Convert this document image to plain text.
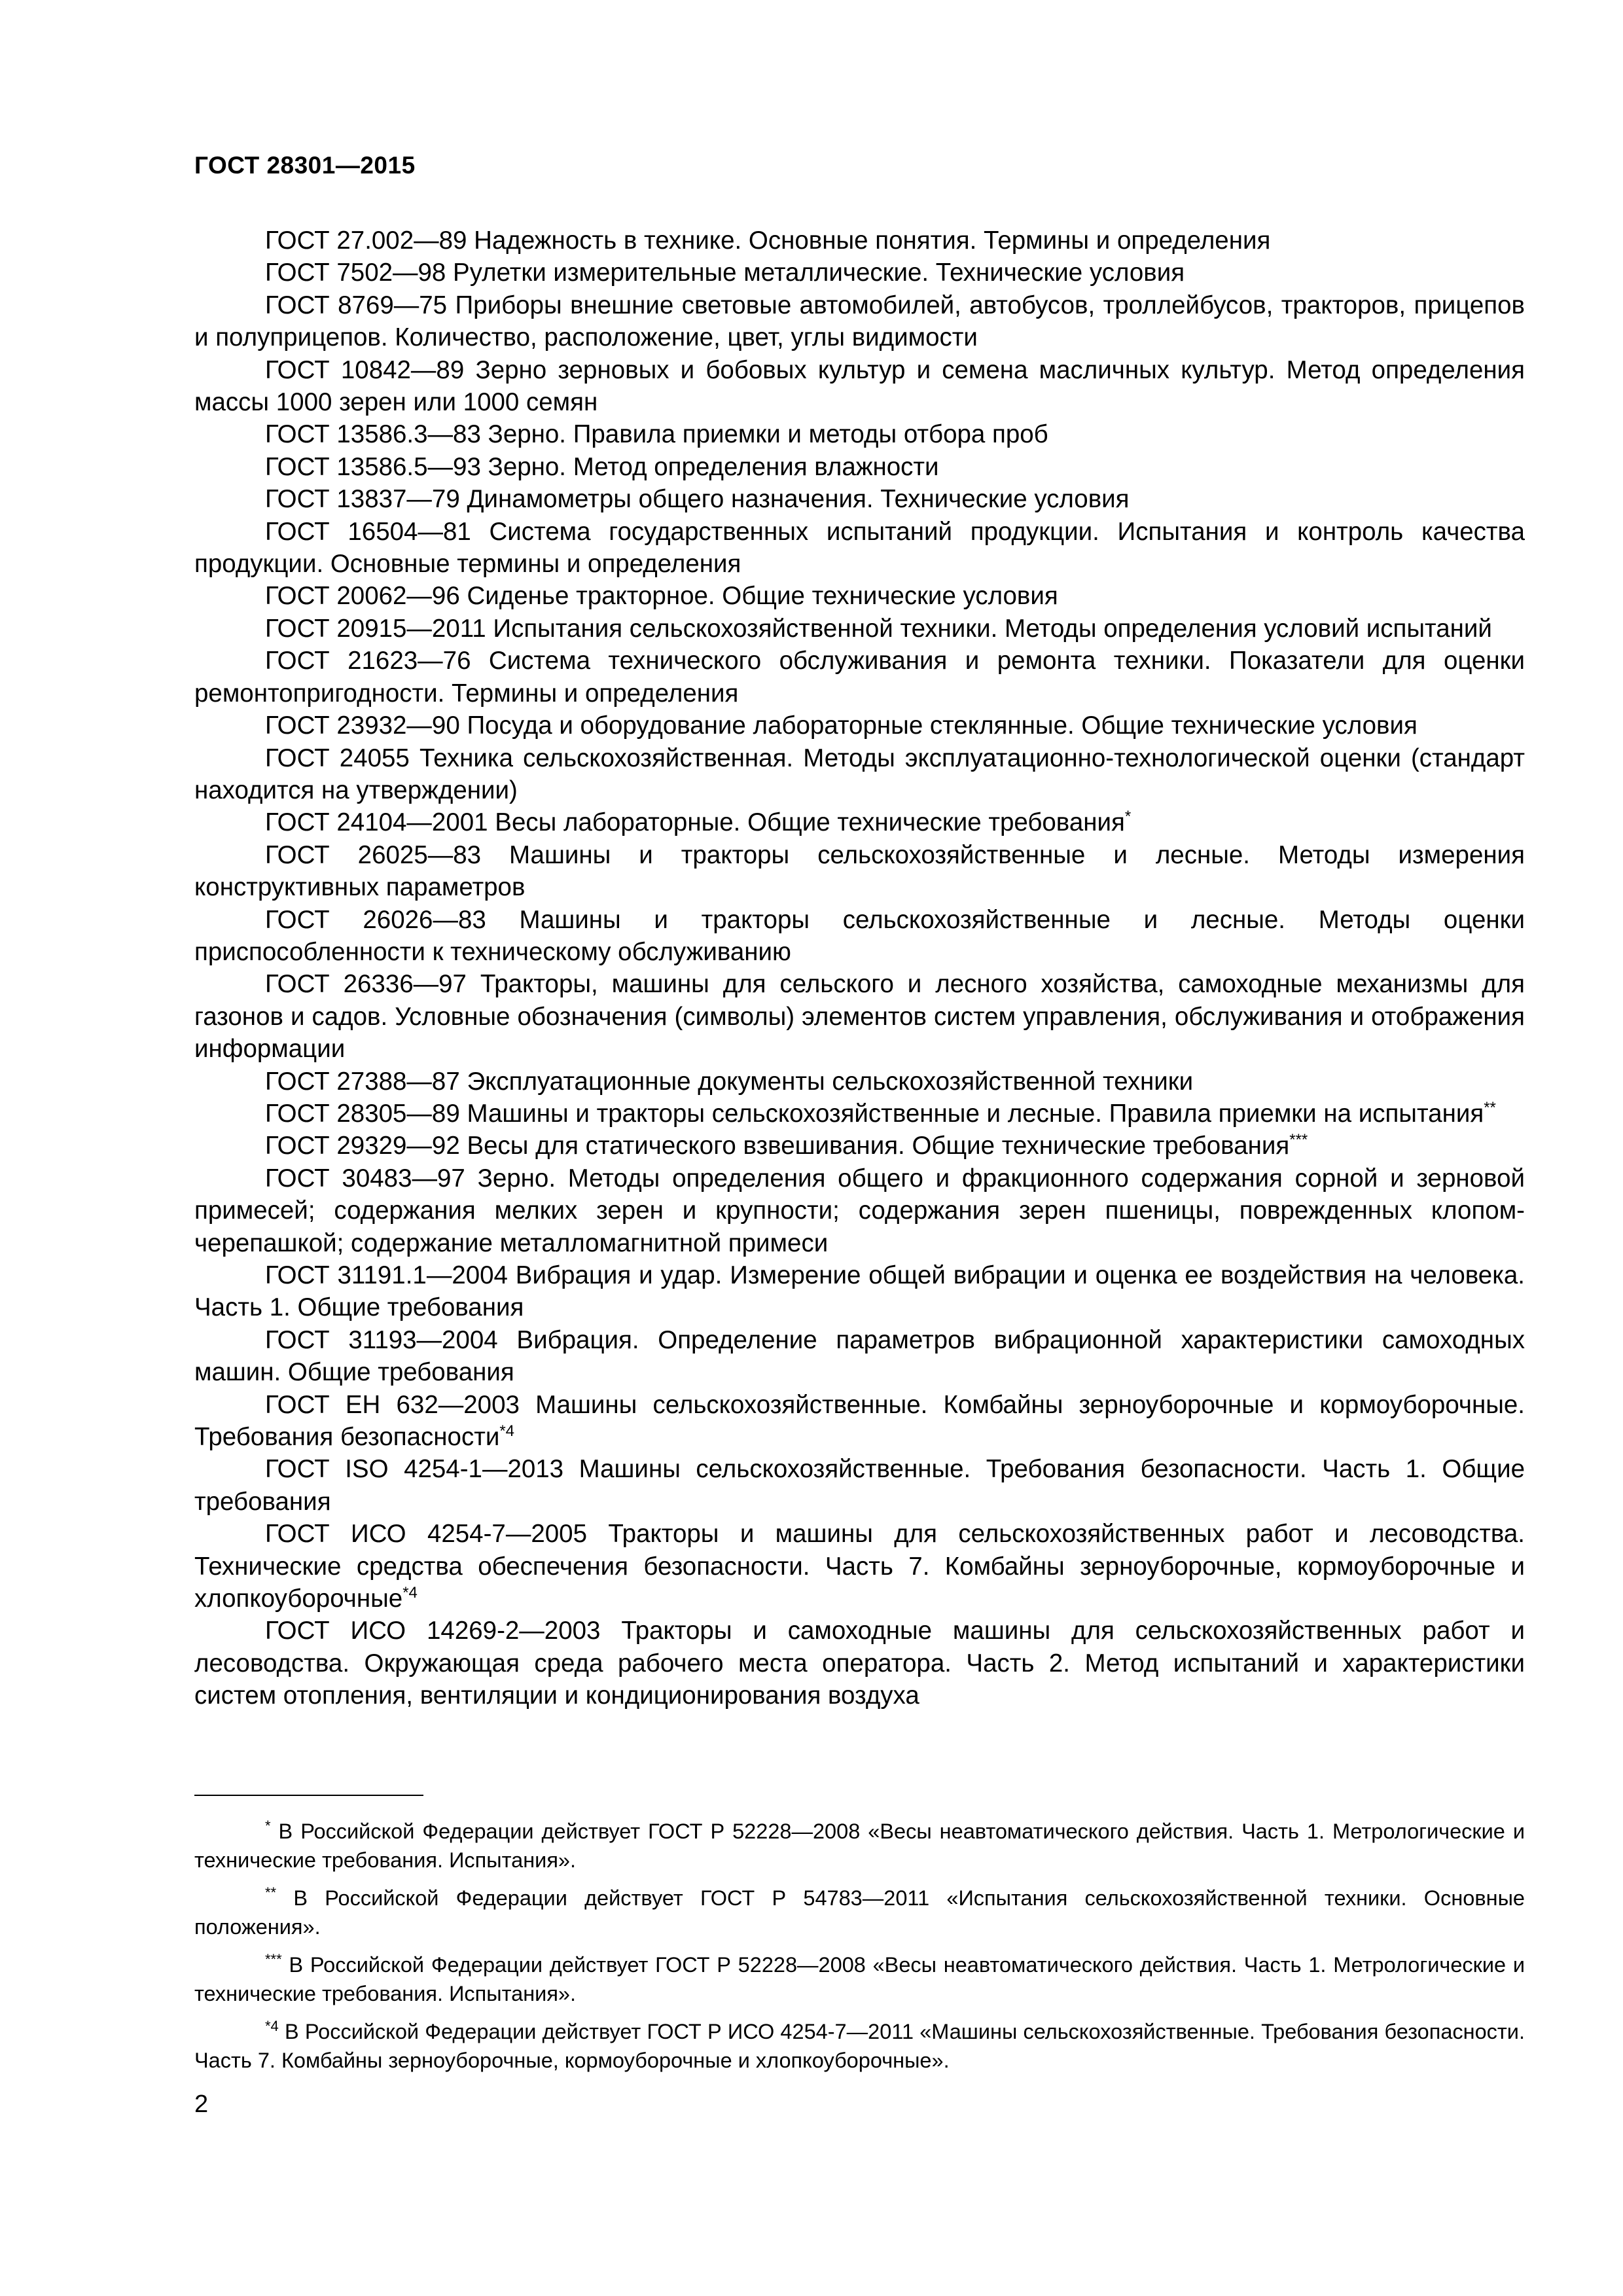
ГОСТ 28301—2015

ГОСТ 27.002—89 Надежность в технике. Основные понятия. Термины и определения

ГОСТ 7502—98 Рулетки измерительные металлические. Технические условия

ГОСТ 8769—75 Приборы внешние световые автомобилей, автобусов, троллейбусов, тракторов, прицепов и полуприцепов. Количество, расположение, цвет, углы видимости

ГОСТ 10842—89 Зерно зерновых и бобовых культур и семена масличных культур. Метод определения массы 1000 зерен или 1000 семян

ГОСТ 13586.3—83 Зерно. Правила приемки и методы отбора проб

ГОСТ 13586.5—93 Зерно. Метод определения влажности

ГОСТ 13837—79 Динамометры общего назначения. Технические условия

ГОСТ 16504—81 Система государственных испытаний продукции. Испытания и контроль качества продукции. Основные термины и определения

ГОСТ 20062—96 Сиденье тракторное. Общие технические условия

ГОСТ 20915—2011 Испытания сельскохозяйственной техники. Методы определения условий испытаний

ГОСТ 21623—76 Система технического обслуживания и ремонта техники. Показатели для оценки ремонтопригодности. Термины и определения

ГОСТ 23932—90 Посуда и оборудование лабораторные стеклянные. Общие технические условия

ГОСТ 24055 Техника сельскохозяйственная. Методы эксплуатационно-технологической оценки (стандарт находится на утверждении)

ГОСТ 24104—2001 Весы лабораторные. Общие технические требования*

ГОСТ 26025—83 Машины и тракторы сельскохозяйственные и лесные. Методы измерения конструктивных параметров

ГОСТ 26026—83 Машины и тракторы сельскохозяйственные и лесные. Методы оценки приспособленности к техническому обслуживанию

ГОСТ 26336—97 Тракторы, машины для сельского и лесного хозяйства, самоходные механизмы для газонов и садов. Условные обозначения (символы) элементов систем управления, обслуживания и отображения информации

ГОСТ 27388—87 Эксплуатационные документы сельскохозяйственной техники

ГОСТ 28305—89 Машины и тракторы сельскохозяйственные и лесные. Правила приемки на испытания**

ГОСТ 29329—92 Весы для статического взвешивания. Общие технические требования***

ГОСТ 30483—97 Зерно. Методы определения общего и фракционного содержания сорной и зерновой примесей; содержания мелких зерен и крупности; содержания зерен пшеницы, поврежденных клопом-черепашкой; содержание металломагнитной примеси

ГОСТ 31191.1—2004 Вибрация и удар. Измерение общей вибрации и оценка ее воздействия на человека. Часть 1. Общие требования

ГОСТ 31193—2004 Вибрация. Определение параметров вибрационной характеристики самоходных машин. Общие требования

ГОСТ ЕН 632—2003 Машины сельскохозяйственные. Комбайны зерноуборочные и кормоуборочные. Требования безопасности$^{*4}$

ГОСТ ISO 4254-1—2013 Машины сельскохозяйственные. Требования безопасности. Часть 1. Общие требования

ГОСТ ИСО 4254-7—2005 Тракторы и машины для сельскохозяйственных работ и лесоводства. Технические средства обеспечения безопасности. Часть 7. Комбайны зерноуборочные, кормоуборочные и хлопкоуборочные$^{*4}$

ГОСТ ИСО 14269-2—2003 Тракторы и самоходные машины для сельскохозяйственных работ и лесоводства. Окружающая среда рабочего места оператора. Часть 2. Метод испытаний и характеристики систем отопления, вентиляции и кондиционирования воздуха

* В Российской Федерации действует ГОСТ Р 52228—2008 «Весы неавтоматического действия. Часть 1. Метрологические и технические требования. Испытания».

** В Российской Федерации действует ГОСТ Р 54783—2011 «Испытания сельскохозяйственной техники. Основные положения».

*** В Российской Федерации действует ГОСТ Р 52228—2008 «Весы неавтоматического действия. Часть 1. Метрологические и технические требования. Испытания».

$^{*4}$ В Российской Федерации действует ГОСТ Р ИСО 4254-7—2011 «Машины сельскохозяйственные. Требования безопасности. Часть 7. Комбайны зерноуборочные, кормоуборочные и хлопкоуборочные».

2
